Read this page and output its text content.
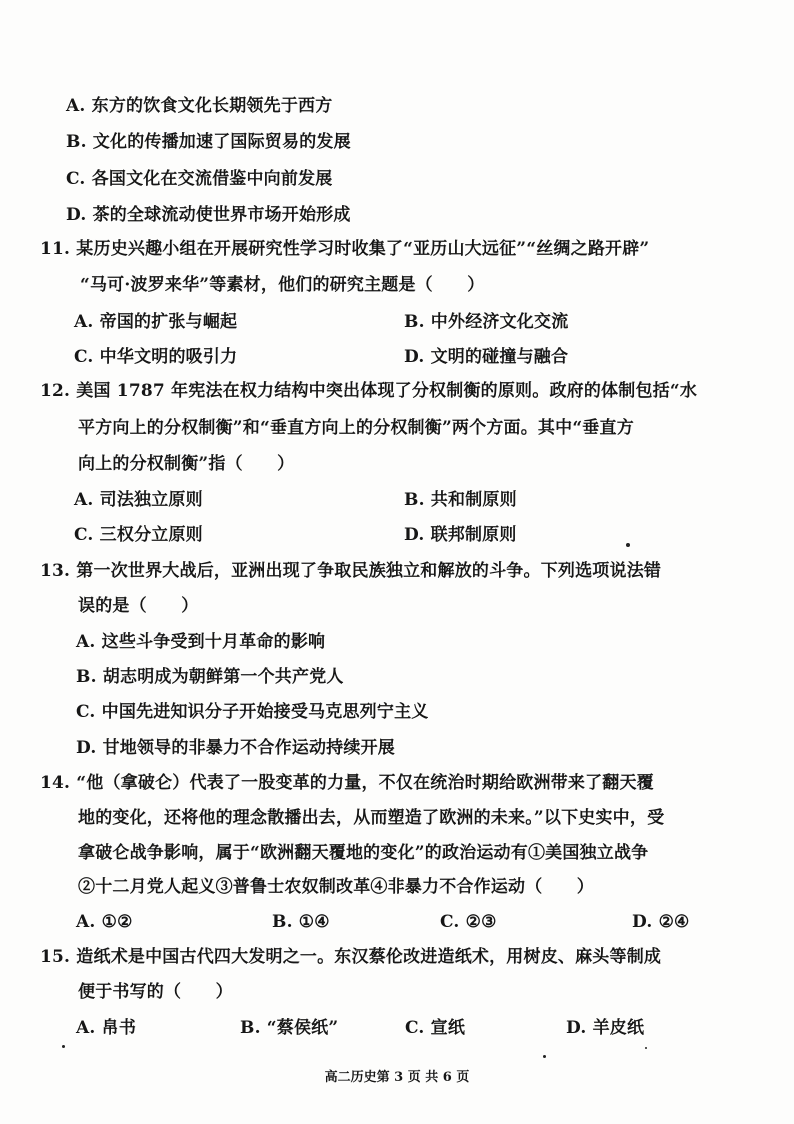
A. 东方的饮食文化长期领先于西方
B. 文化的传播加速了国际贸易的发展
C. 各国文化在交流借鉴中向前发展
D. 茶的全球流动使世界市场开始形成
11. 某历史兴趣小组在开展研究性学习时收集了“亚历山大远征”“丝绸之路开辟”
“马可·波罗来华”等素材，他们的研究主题是（　　）
A. 帝国的扩张与崛起	B. 中外经济文化交流
C. 中华文明的吸引力	D. 文明的碰撞与融合
12. 美国 1787 年宪法在权力结构中突出体现了分权制衡的原则。政府的体制包括“水
平方向上的分权制衡”和“垂直方向上的分权制衡”两个方面。其中“垂直方
向上的分权制衡”指（　　）
A. 司法独立原则	B. 共和制原则
C. 三权分立原则	D. 联邦制原则
13. 第一次世界大战后，亚洲出现了争取民族独立和解放的斗争。下列选项说法错
误的是（　　）
A. 这些斗争受到十月革命的影响
B. 胡志明成为朝鲜第一个共产党人
C. 中国先进知识分子开始接受马克思列宁主义
D. 甘地领导的非暴力不合作运动持续开展
14. “他（拿破仑）代表了一股变革的力量，不仅在统治时期给欧洲带来了翻天覆
地的变化，还将他的理念散播出去，从而塑造了欧洲的未来。”以下史实中，受
拿破仑战争影响，属于“欧洲翻天覆地的变化”的政治运动有①美国独立战争
②十二月党人起义③普鲁士农奴制改革④非暴力不合作运动（　　）
A. ①②	B. ①④	C. ②③	D. ②④
15. 造纸术是中国古代四大发明之一。东汉蔡伦改进造纸术，用树皮、麻头等制成
便于书写的（　　）
A. 帛书	B. “蔡侯纸”	C. 宣纸	D. 羊皮纸
高二历史第 3 页 共 6 页
